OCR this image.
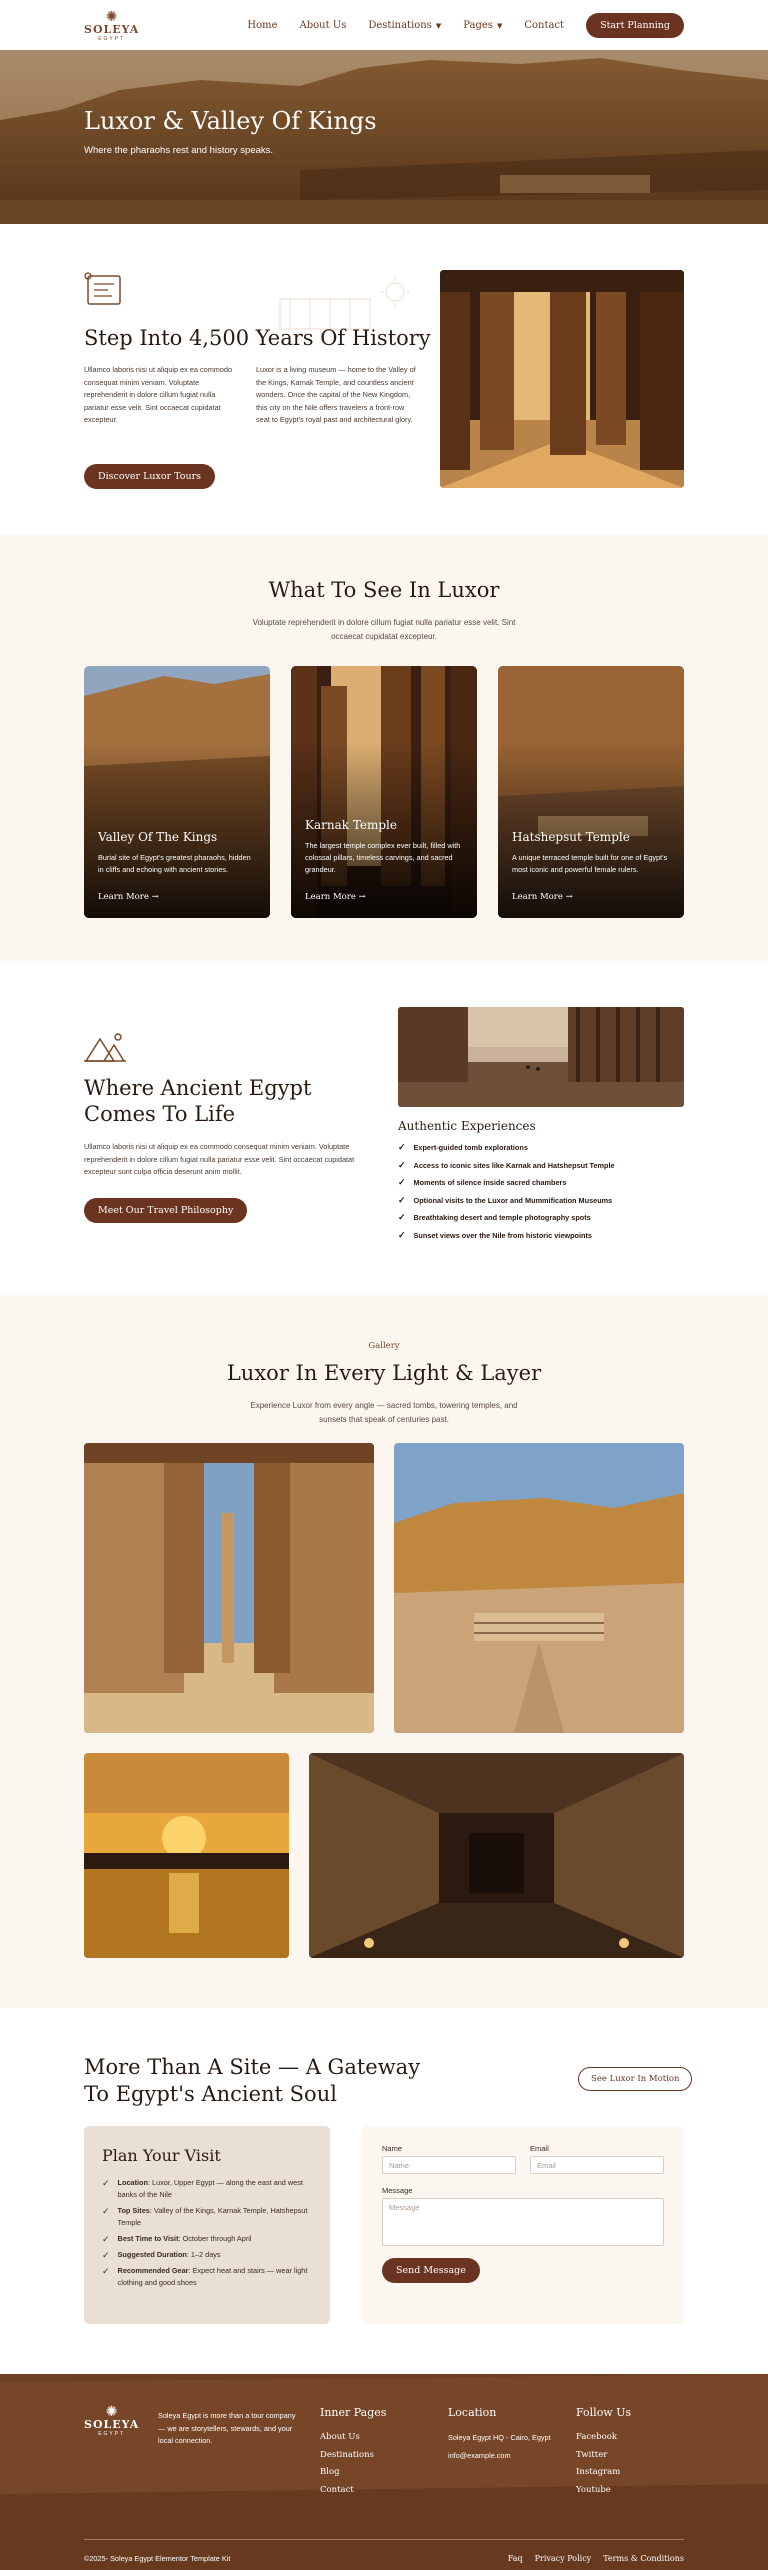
✺
SOLEYA
EGYPT
Home About Us Destinations ▼ Pages ▼ Contact	Start Planning
Luxor & Valley Of Kings

Where the pharaohs rest and history speaks.

Step Into 4,500 Years Of History

Ullamco laboris nisi ut aliquip ex ea commodo consequat minim veniam. Voluptate reprehenderit in dolore cillum fugiat nulla pariatur esse velit. Sint occaecat cupidatat excepteur.

Luxor is a living museum — home to the Valley of the Kings, Karnak Temple, and countless ancient wonders. Once the capital of the New Kingdom, this city on the Nile offers travelers a front-row seat to Egypt's royal past and architectural glory.

Discover Luxor Tours
What To See In Luxor
Voluptate reprehenderit in dolore cillum fugiat nulla pariatur esse velit. Sint
occaecat cupidatat excepteur.
Valley Of The Kings

Burial site of Egypt's greatest pharaohs, hidden in cliffs and echoing with ancient stories.

Learn More →
Karnak Temple

The largest temple complex ever built, filled with colossal pillars, timeless carvings, and sacred grandeur.

Learn More →
Hatshepsut Temple

A unique terraced temple built for one of Egypt's most iconic and powerful female rulers.

Learn More →
Where Ancient Egypt Comes To Life

Ullamco laboris nisi ut aliquip ex ea commodo consequat minim veniam. Voluptate reprehenderit in dolore cillum fugiat nulla pariatur esse velit. Sint occaecat cupidatat excepteur sunt culpa officia deserunt anim mollit.

Meet Our Travel Philosophy
Authentic Experiences
✓ Expert-guided tomb explorations
✓ Access to iconic sites like Karnak and Hatshepsut Temple
✓ Moments of silence inside sacred chambers
✓ Optional visits to the Luxor and Mummification Museums
✓ Breathtaking desert and temple photography spots
✓ Sunset views over the Nile from historic viewpoints
Gallery
Luxor In Every Light & Layer
Experience Luxor from every angle — sacred tombs, towering temples, and
sunsets that speak of centuries past.
More Than A Site — A Gateway To Egypt's Ancient Soul
See Luxor In Motion
Plan Your Visit
✓ Location: Luxor, Upper Egypt — along the east and west banks of the Nile
✓ Top Sites: Valley of the Kings, Karnak Temple, Hatshepsut Temple
✓ Best Time to Visit: October through April
✓ Suggested Duration: 1–2 days
✓ Recommended Gear: Expect heat and stairs — wear light clothing and good shoes
Name
Name
Email
Email
Message
Message
Send Message
✺
SOLEYA
EGYPT
Soleya Egypt is more than a tour company — we are storytellers, stewards, and your local connection.
Inner Pages
About Us
Destinations
Blog
Contact
Location
Soleya Egypt HQ - Cairo, Egypt
info@example.com
Follow Us
Facebook
Twitter
Instagram
Youtube
©2025- Soleya Egypt Elementor Template Kit	Faq Privacy Policy Terms & Conditions
